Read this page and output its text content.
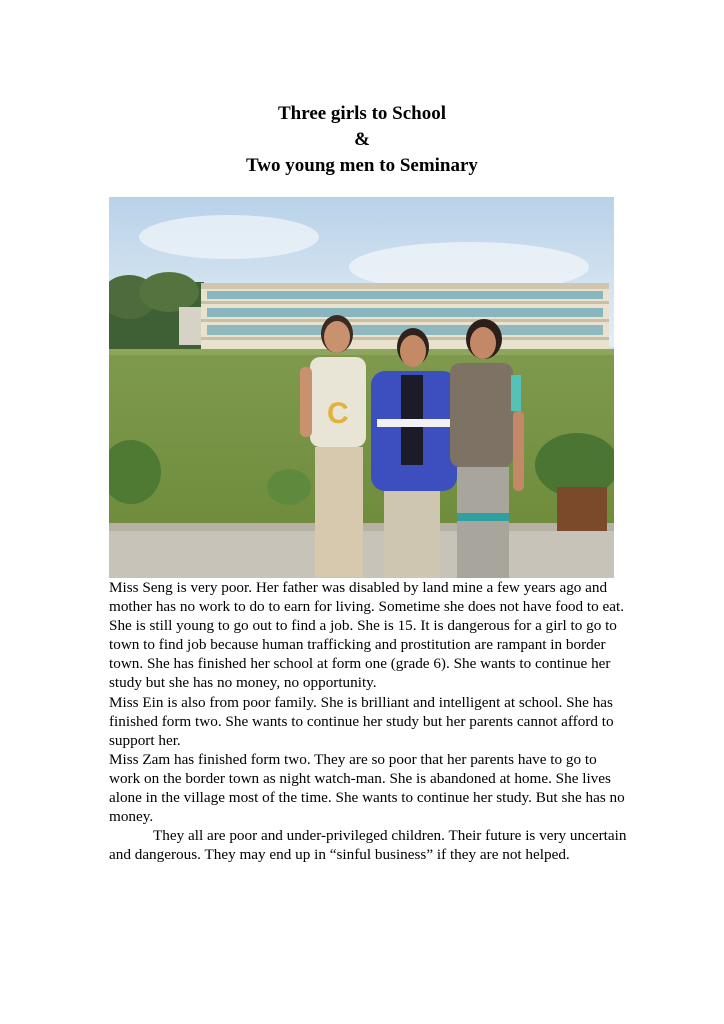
Three girls to School
&
Two young men to Seminary
C

Miss Seng is very poor. Her father was disabled by land mine a few years ago and mother has no work to do to earn for living. Sometime she does not have food to eat. She is still young to go out to find a job. She is 15. It is dangerous for a girl to go to town to find job because human trafficking and prostitution are rampant in border town. She has finished her school at form one (grade 6). She wants to continue her study but she has no money, no opportunity.

Miss Ein is also from poor family. She is brilliant and intelligent at school. She has finished form two. She wants to continue her study but her parents cannot afford to support her.

Miss Zam has finished form two. They are so poor that her parents have to go to work on the border town as night watch-man. She is abandoned at home. She lives alone in the village most of the time. She wants to continue her study. But she has no money.

They all are poor and under-privileged children. Their future is very uncertain and dangerous. They may end up in “sinful business” if they are not helped.
